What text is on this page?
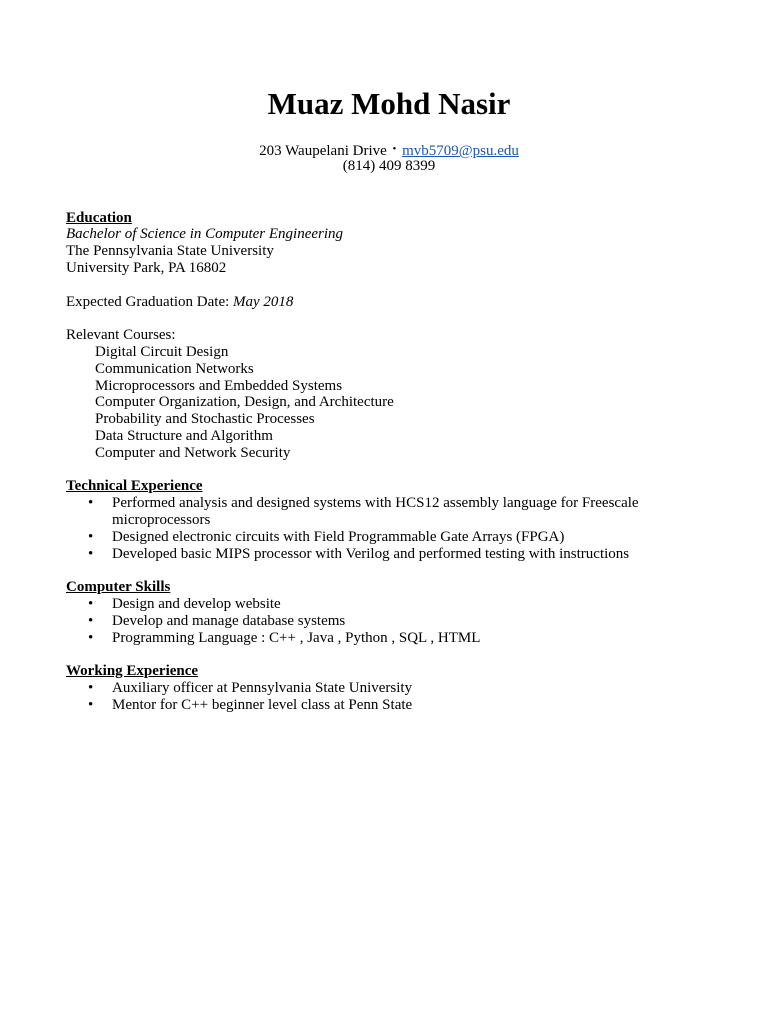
Muaz Mohd Nasir
203 Waupelani Drive • mvb5709@psu.edu
(814) 409 8399
Education
Bachelor of Science in Computer Engineering
The Pennsylvania State University
University Park, PA 16802
Expected Graduation Date: May 2018
Relevant Courses:
Digital Circuit Design
Communication Networks
Microprocessors and Embedded Systems
Computer Organization, Design, and Architecture
Probability and Stochastic Processes
Data Structure and Algorithm
Computer and Network Security
Technical Experience
• Performed analysis and designed systems with HCS12 assembly language for Freescale microprocessors
• Designed electronic circuits with Field Programmable Gate Arrays (FPGA)
• Developed basic MIPS processor with Verilog and performed testing with instructions
Computer Skills
• Design and develop website
• Develop and manage database systems
• Programming Language : C++ , Java , Python , SQL , HTML
Working Experience
• Auxiliary officer at Pennsylvania State University
• Mentor for C++ beginner level class at Penn State
